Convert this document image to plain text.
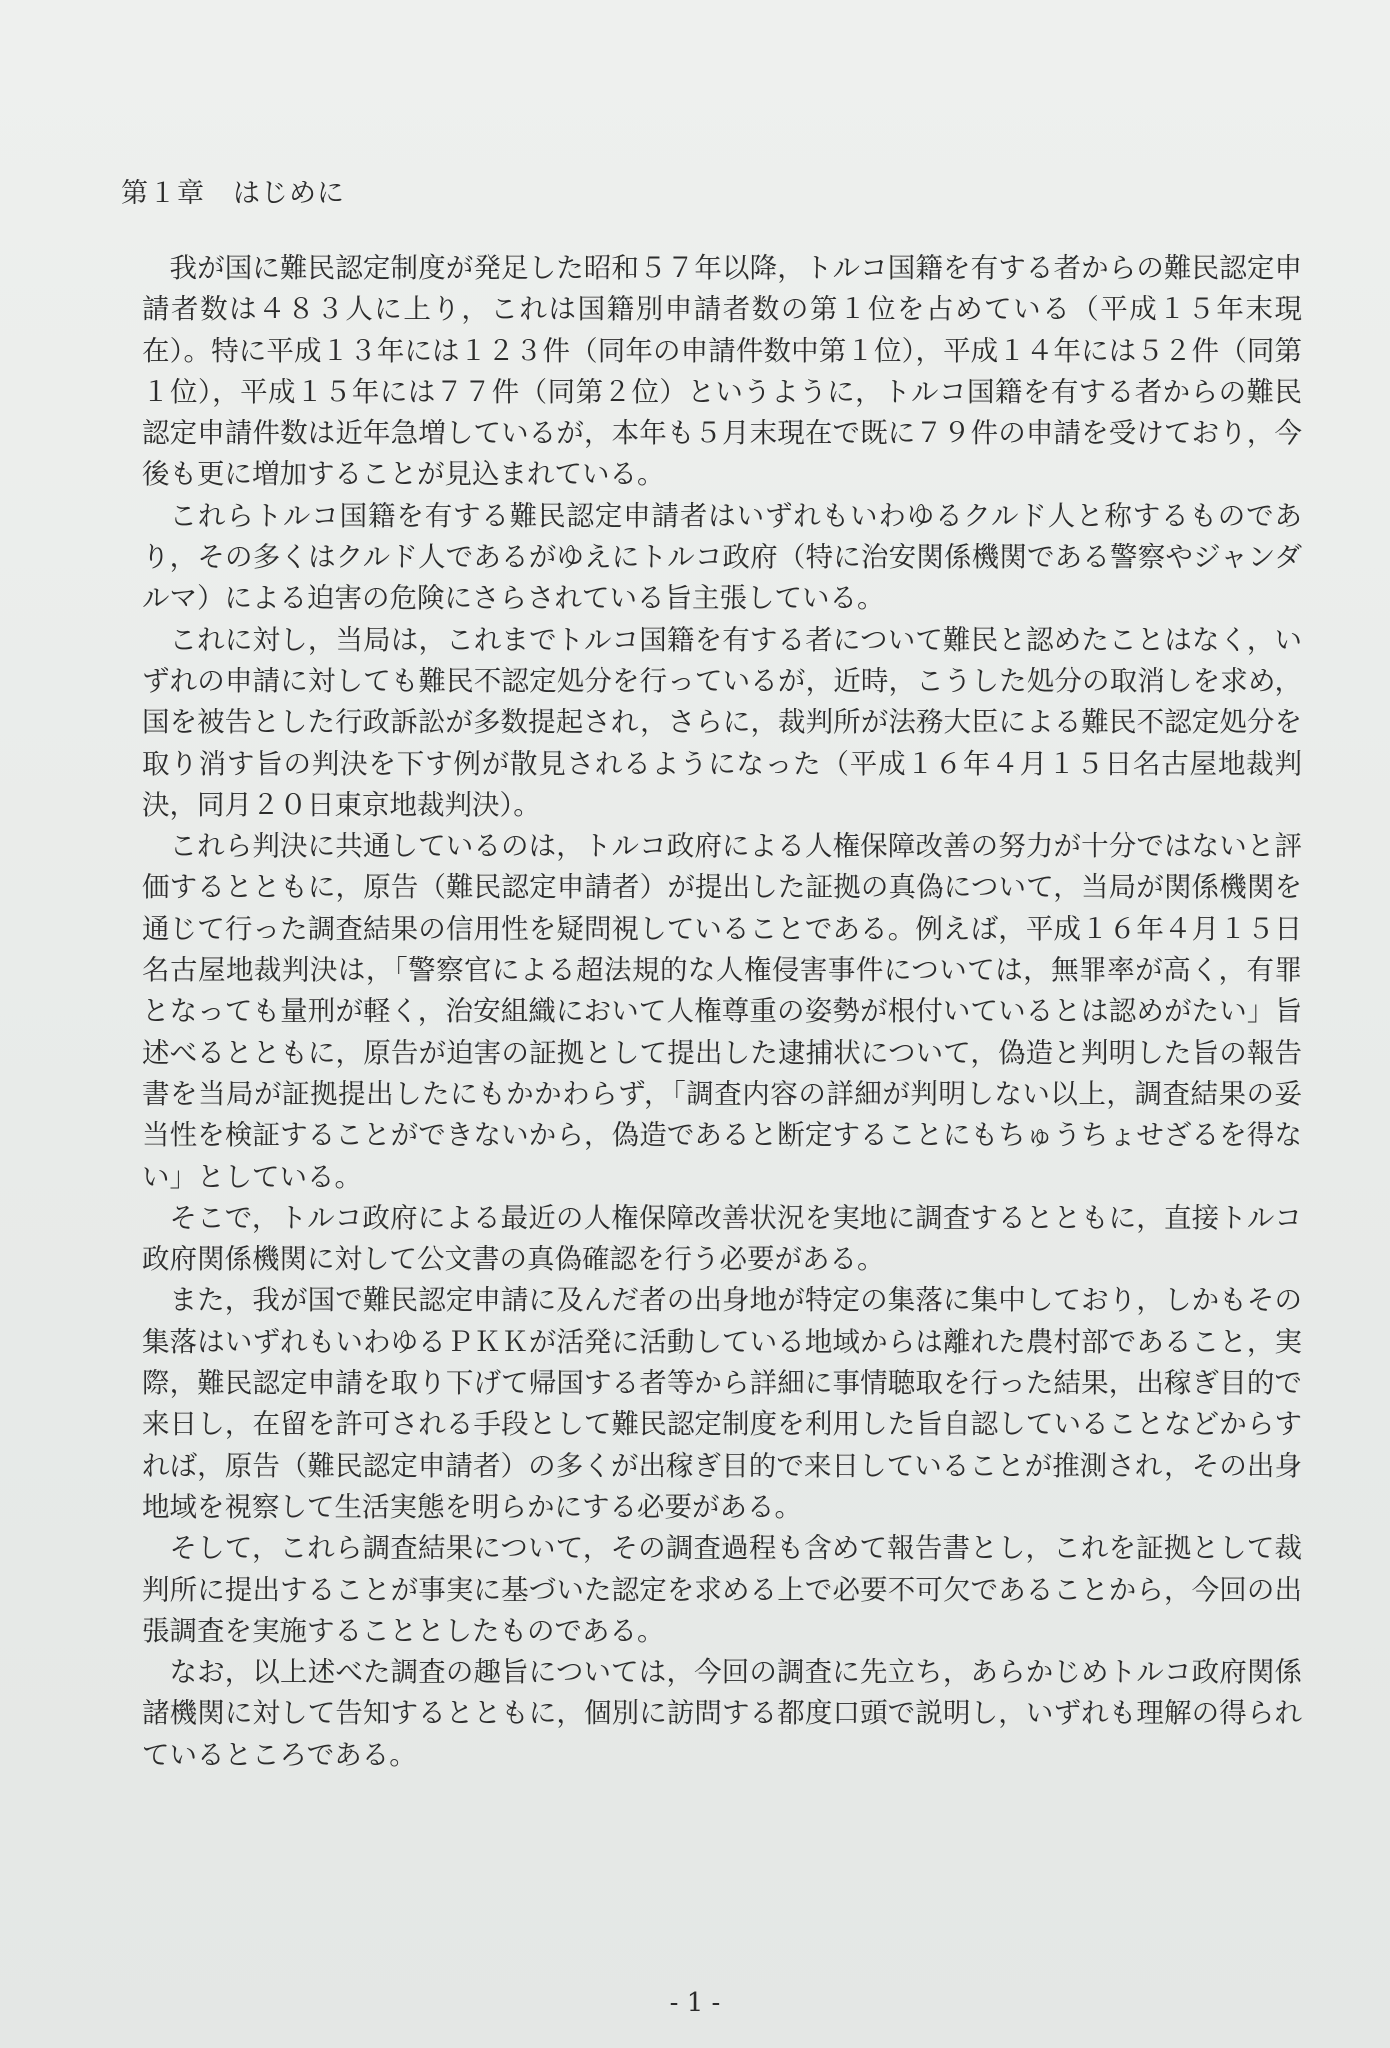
第１章　はじめに

我が国に難民認定制度が発足した昭和５７年以降，トルコ国籍を有する者からの難民認定申請者数は４８３人に上り，これは国籍別申請者数の第１位を占めている（平成１５年末現在）。特に平成１３年には１２３件（同年の申請件数中第１位），平成１４年には５２件（同第１位），平成１５年には７７件（同第２位）というように，トルコ国籍を有する者からの難民認定申請件数は近年急増しているが，本年も５月末現在で既に７９件の申請を受けており，今後も更に増加することが見込まれている。

これらトルコ国籍を有する難民認定申請者はいずれもいわゆるクルド人と称するものであり，その多くはクルド人であるがゆえにトルコ政府（特に治安関係機関である警察やジャンダルマ）による迫害の危険にさらされている旨主張している。

これに対し，当局は，これまでトルコ国籍を有する者について難民と認めたことはなく，いずれの申請に対しても難民不認定処分を行っているが，近時，こうした処分の取消しを求め，国を被告とした行政訴訟が多数提起され，さらに，裁判所が法務大臣による難民不認定処分を取り消す旨の判決を下す例が散見されるようになった（平成１６年４月１５日名古屋地裁判決，同月２０日東京地裁判決）。

これら判決に共通しているのは，トルコ政府による人権保障改善の努力が十分ではないと評価するとともに，原告（難民認定申請者）が提出した証拠の真偽について，当局が関係機関を通じて行った調査結果の信用性を疑問視していることである。例えば，平成１６年４月１５日名古屋地裁判決は，「警察官による超法規的な人権侵害事件については，無罪率が高く，有罪となっても量刑が軽く，治安組織において人権尊重の姿勢が根付いているとは認めがたい」旨述べるとともに，原告が迫害の証拠として提出した逮捕状について，偽造と判明した旨の報告書を当局が証拠提出したにもかかわらず，「調査内容の詳細が判明しない以上，調査結果の妥当性を検証することができないから，偽造であると断定することにもちゅうちょせざるを得ない」としている。

そこで，トルコ政府による最近の人権保障改善状況を実地に調査するとともに，直接トルコ政府関係機関に対して公文書の真偽確認を行う必要がある。

また，我が国で難民認定申請に及んだ者の出身地が特定の集落に集中しており，しかもその集落はいずれもいわゆるＰＫＫが活発に活動している地域からは離れた農村部であること，実際，難民認定申請を取り下げて帰国する者等から詳細に事情聴取を行った結果，出稼ぎ目的で来日し，在留を許可される手段として難民認定制度を利用した旨自認していることなどからすれば，原告（難民認定申請者）の多くが出稼ぎ目的で来日していることが推測され，その出身地域を視察して生活実態を明らかにする必要がある。

そして，これら調査結果について，その調査過程も含めて報告書とし，これを証拠として裁判所に提出することが事実に基づいた認定を求める上で必要不可欠であることから，今回の出張調査を実施することとしたものである。

なお，以上述べた調査の趣旨については，今回の調査に先立ち，あらかじめトルコ政府関係諸機関に対して告知するとともに，個別に訪問する都度口頭で説明し，いずれも理解の得られているところである。

- 1 -
